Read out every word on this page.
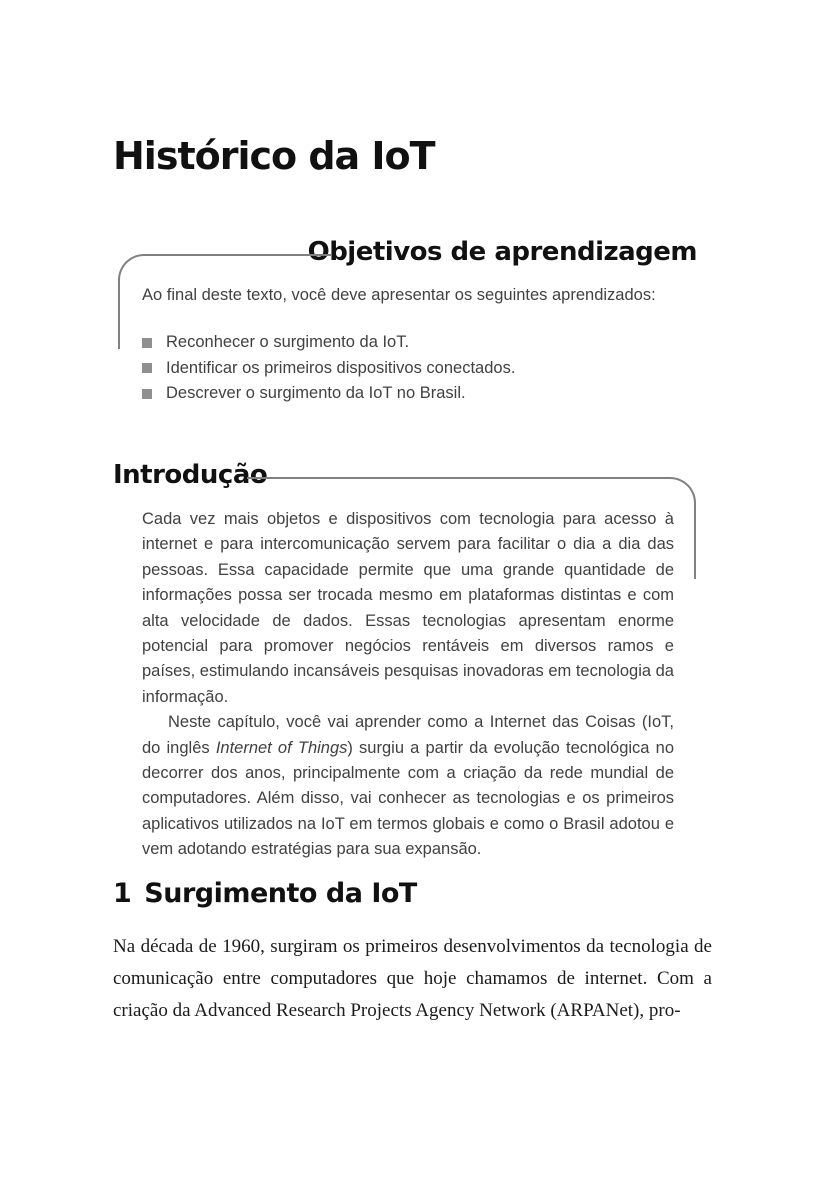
Histórico da IoT
Objetivos de aprendizagem
Ao final deste texto, você deve apresentar os seguintes aprendizados:
Reconhecer o surgimento da IoT.
Identificar os primeiros dispositivos conectados.
Descrever o surgimento da IoT no Brasil.
Introdução

Cada vez mais objetos e dispositivos com tecnologia para acesso à internet e para intercomunicação servem para facilitar o dia a dia das pessoas. Essa capacidade permite que uma grande quantidade de informações possa ser trocada mesmo em plataformas distintas e com alta velocidade de dados. Essas tecnologias apresentam enorme potencial para promover negócios rentáveis em diversos ramos e países, estimulando incansáveis pesquisas inovadoras em tecnologia da informação.

Neste capítulo, você vai aprender como a Internet das Coisas (IoT, do inglês Internet of Things) surgiu a partir da evolução tecnológica no decorrer dos anos, principalmente com a criação da rede mundial de computadores. Além disso, vai conhecer as tecnologias e os primeiros aplicativos utilizados na IoT em termos globais e como o Brasil adotou e vem adotando estratégias para sua expansão.

1 Surgimento da IoT

Na década de 1960, surgiram os primeiros desenvolvimentos da tecnologia de comunicação entre computadores que hoje chamamos de internet. Com a criação da Advanced Research Projects Agency Network (ARPANet), pro-
